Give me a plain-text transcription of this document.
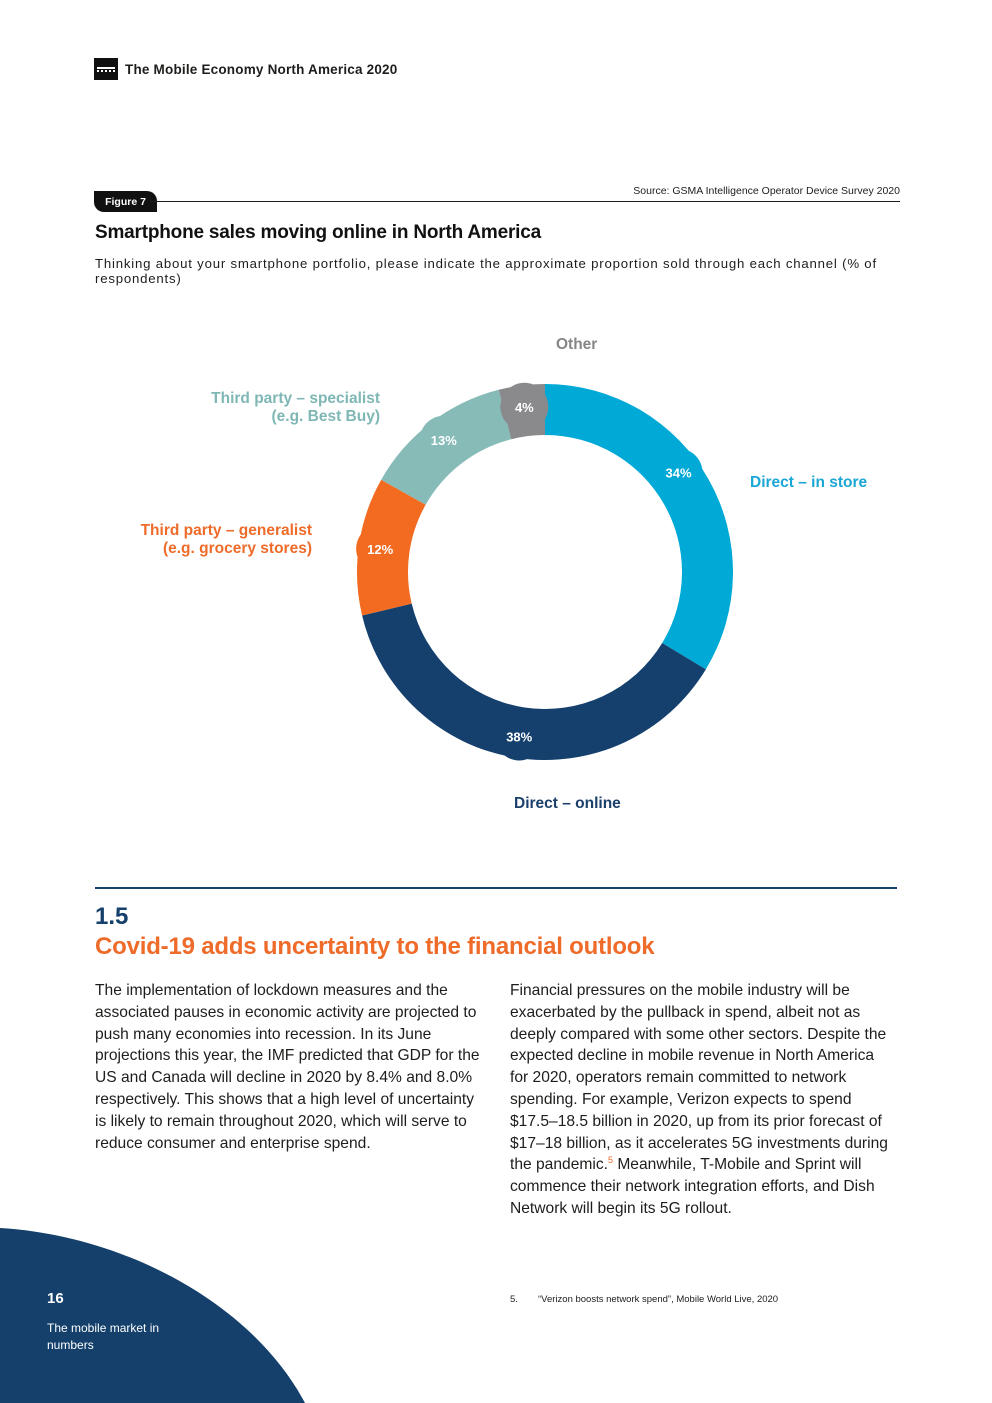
The Mobile Economy North America 2020
Figure 7
Source: GSMA Intelligence Operator Device Survey 2020
Smartphone sales moving online in North America
Thinking about your smartphone portfolio, please indicate the approximate proportion sold through each channel (% of respondents)
34%
38%
12%
13%
4%
Direct – in store
Direct – online
Third party – generalist
(e.g. grocery stores)
Third party – specialist
(e.g. Best Buy)
Other
1.5
Covid-19 adds uncertainty to the financial outlook
The implementation of lockdown measures and the associated pauses in economic activity are projected to push many economies into recession. In its June projections this year, the IMF predicted that GDP for the US and Canada will decline in 2020 by 8.4% and 8.0% respectively. This shows that a high level of uncertainty is likely to remain throughout 2020, which will serve to reduce consumer and enterprise spend.
Financial pressures on the mobile industry will be exacerbated by the pullback in spend, albeit not as deeply compared with some other sectors. Despite the expected decline in mobile revenue in North America for 2020, operators remain committed to network spending. For example, Verizon expects to spend $17.5–18.5 billion in 2020, up from its prior forecast of $17–18 billion, as it accelerates 5G investments during the pandemic.$^5$ Meanwhile, T-Mobile and Sprint will commence their network integration efforts, and Dish Network will begin its 5G rollout.
5. “Verizon boosts network spend”, Mobile World Live, 2020
16
The mobile market in numbers
